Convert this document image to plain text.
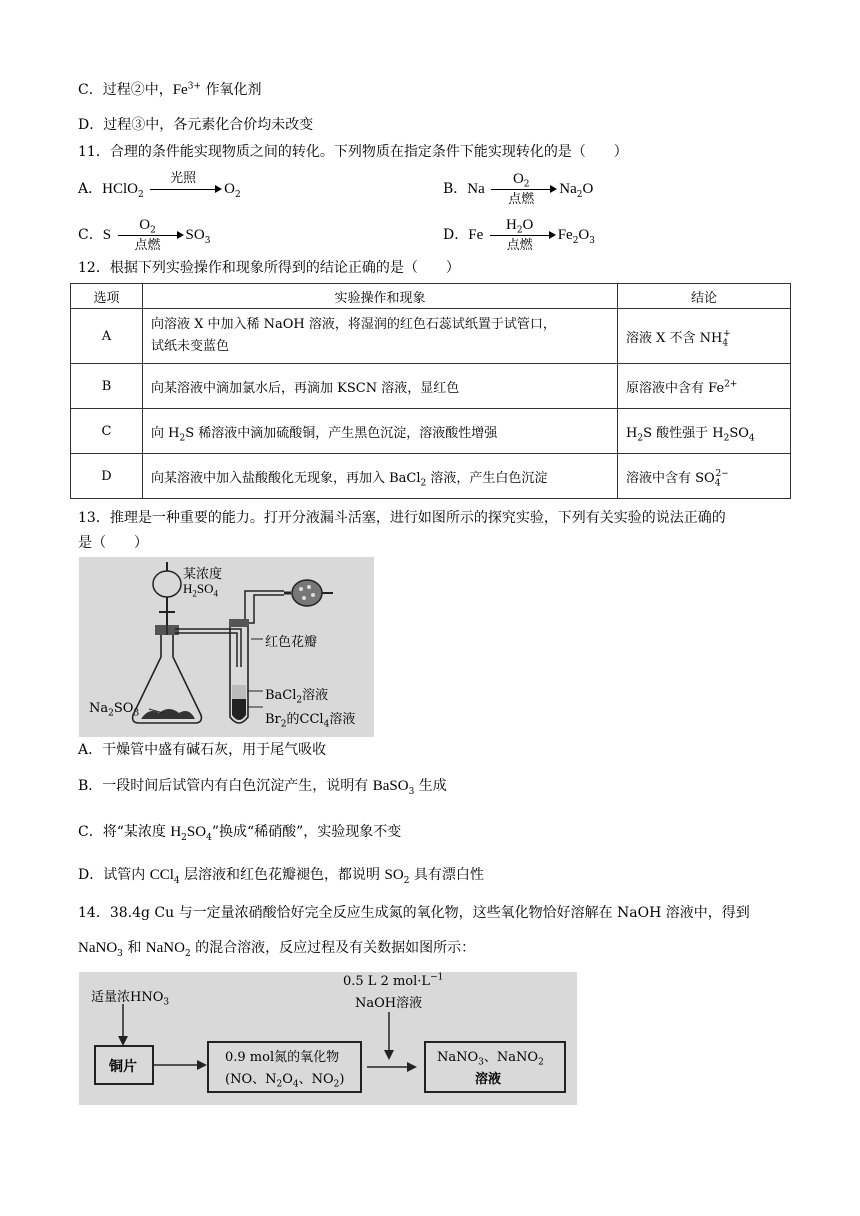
C．过程②中，$Fe^{3+}$ 作氧化剂
D．过程③中，各元素化合价均未改变
11．合理的条件能实现物质之间的转化。下列物质在指定条件下能实现转化的是（　　）
A．HClO$_2$
光照
$O_2$	B．Na
$O_2$
点燃
$Na_2O$
C．S
$O_2$
点燃
$SO_3$	D．Fe
$H_2O$
点燃
$Fe_2O_3$
12．根据下列实验操作和现象所得到的结论正确的是（　　）
选项	实验操作和现象	结论
A	向溶液 X 中加入稀 NaOH 溶液，将湿润的红色石蕊试纸置于试管口，
试纸未变蓝色	溶液 X 不含 $NH_4^+$
B	向某溶液中滴加氯水后，再滴加 KSCN 溶液，显红色	原溶液中含有 $Fe^{2+}$
C	向 $H_2S$ 稀溶液中滴加硫酸铜，产生黑色沉淀，溶液酸性增强	$H_2S$ 酸性强于 $H_2SO_4$
D	向某溶液中加入盐酸酸化无现象，再加入 BaCl$_2$ 溶液，产生白色沉淀	溶液中含有 $SO_4^{2-}$
13．推理是一种重要的能力。打开分液漏斗活塞，进行如图所示的探究实验，下列有关实验的说法正确的
是（　　）
某浓度
$H_2SO_4$
红色花瓣
BaCl$_2$溶液
$Br_2$的CCl$_4$溶液
$Na_2SO_3$
A．干燥管中盛有碱石灰，用于尾气吸收
B．一段时间后试管内有白色沉淀产生，说明有 BaSO$_3$ 生成
C．将“某浓度 $H_2SO_4$”换成“稀硝酸”，实验现象不变
D．试管内 CCl$_4$ 层溶液和红色花瓣褪色，都说明 $SO_2$ 具有漂白性
14．38.4g Cu 与一定量浓硝酸恰好完全反应生成氮的氧化物，这些氧化物恰好溶解在 NaOH 溶液中，得到
NaNO$_3$ 和 NaNO$_2$ 的混合溶液，反应过程及有关数据如图所示：
适量浓$HNO_3$
0.5 L 2 $mol\cdot L^{-1}$
NaOH溶液
铜片
0.9 mol氮的氧化物
(NO、$N_2O_4$、$NO_2$)
NaNO$_3$、NaNO$_2$
溶液
